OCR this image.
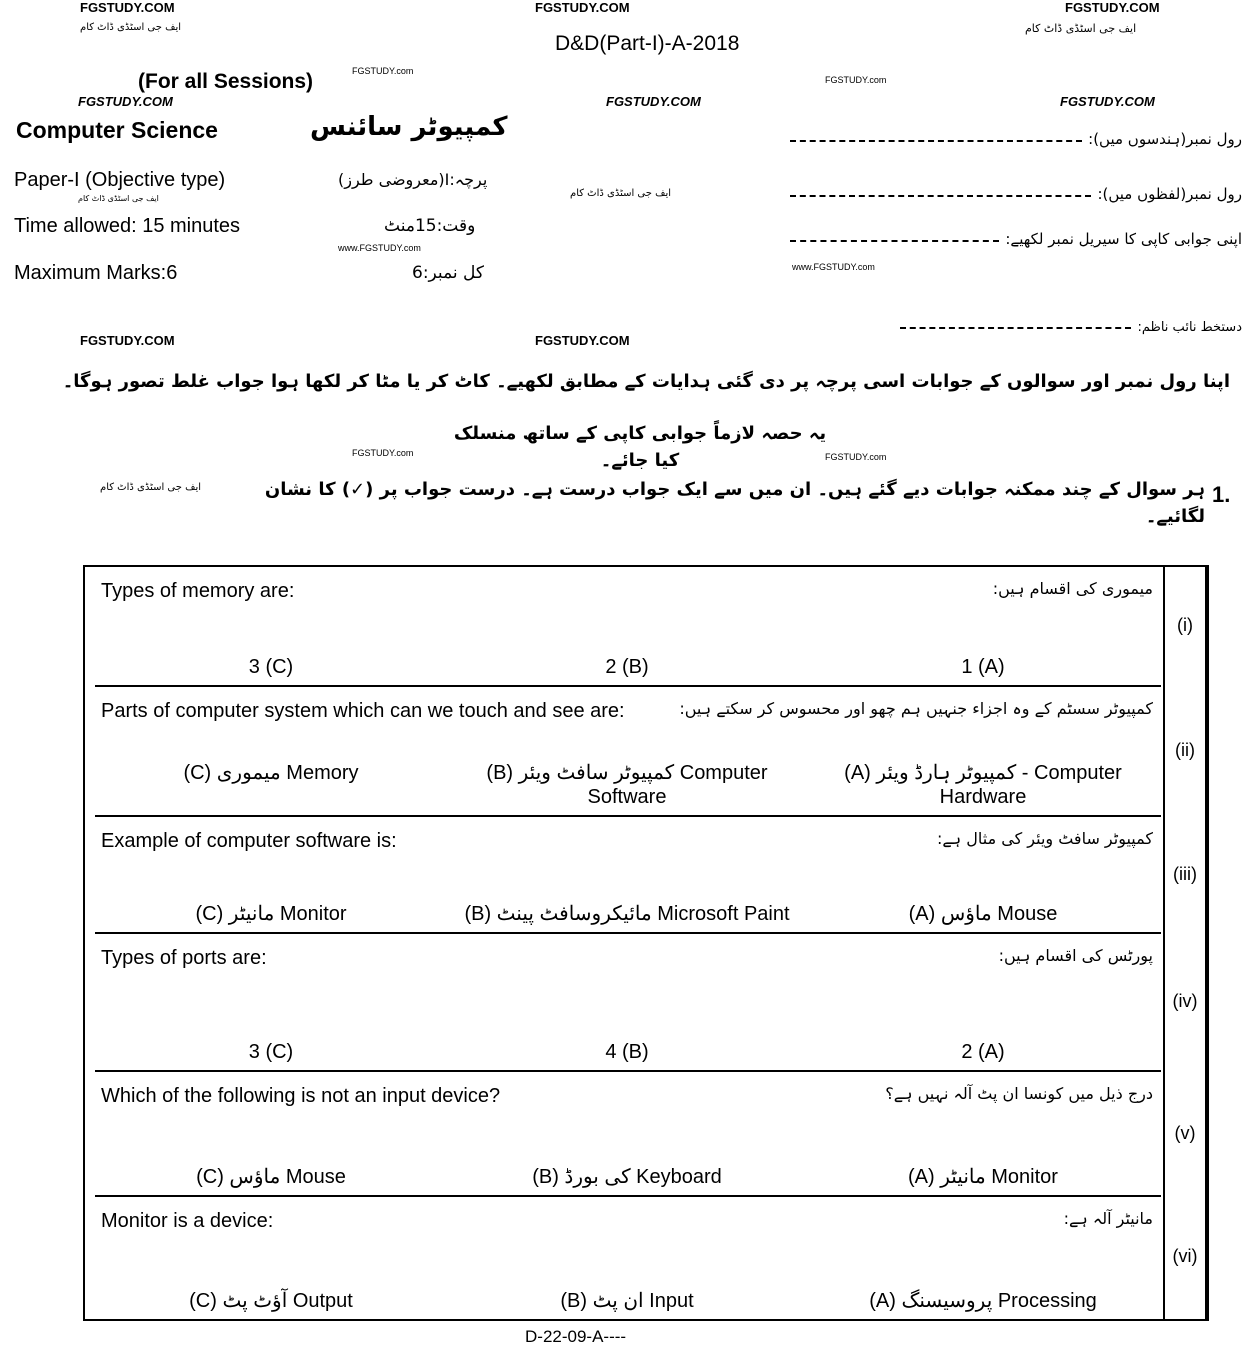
FGSTUDY.COM	FGSTUDY.COM	FGSTUDY.COM
ایف جی اسٹڈی ڈاٹ کام	ایف جی اسٹڈی ڈاٹ کام
D&D(Part-I)-A-2018
(For all Sessions)	FGSTUDY.com
FGSTUDY.com
FGSTUDY.COM	FGSTUDY.COM	FGSTUDY.COM
Computer Science	کمپیوٹر سائنس
Paper-I (Objective type)	پرچہ:I(معروضی طرز)
ایف جی اسٹڈی ڈاٹ کام
Time allowed: 15 minutes	وقت:15منٹ
www.FGSTUDY.com
Maximum Marks:6	کل نمبر:6
ایف جی اسٹڈی ڈاٹ کام
رول نمبر(ہندسوں میں):
رول نمبر(لفظوں میں):
اپنی جوابی کاپی کا سیریل نمبر لکھیے:
www.FGSTUDY.com
FGSTUDY.COM	FGSTUDY.COM
دستخط نائب ناظم:
اپنا رول نمبر اور سوالوں کے جوابات اسی پرچہ پر دی گئی ہدایات کے مطابق لکھیے۔ کاٹ کر یا مٹا کر لکھا ہوا جواب غلط تصور ہوگا۔
یہ حصہ لازماً جوابی کاپی کے ساتھ منسلک کیا جائے۔
FGSTUDY.com	FGSTUDY.com
ایف جی اسٹڈی ڈاٹ کام	ہر سوال کے چند ممکنہ جوابات دیے گئے ہیں۔ ان میں سے ایک جواب درست ہے۔ درست جواب پر (✓) کا نشان لگائیے۔
1.
Types of memory are:	میموری کی اقسام ہیں:
1 (A)
2 (B)
3 (C)
(i)
Parts of computer system which can we touch and see are:	کمپیوٹر سسٹم کے وہ اجزاء جنہیں ہم چھو اور محسوس کر سکتے ہیں:
(A) کمپیوٹر ہارڈ ویئر - Computer Hardware
(B) کمپیوٹر سافٹ ویئر Computer Software
(C) میموری Memory
(ii)
Example of computer software is:	کمپیوٹر سافٹ ویئر کی مثال ہے:
(A) ماؤس Mouse
(B) مائیکروسافٹ پینٹ Microsoft Paint
(C) مانیٹر Monitor
(iii)
Types of ports are:	پورٹس کی اقسام ہیں:
2 (A)
4 (B)
3 (C)
(iv)
Which of the following is not an input device?	درج ذیل میں کونسا ان پٹ آلہ نہیں ہے؟
(A) مانیٹر Monitor
(B) کی بورڈ Keyboard
(C) ماؤس Mouse
(v)
Monitor is a device:	مانیٹر آلہ ہے:
(A) پروسیسنگ Processing
(B) ان پٹ Input
(C) آؤٹ پٹ Output
(vi)
D-22-09-A----
